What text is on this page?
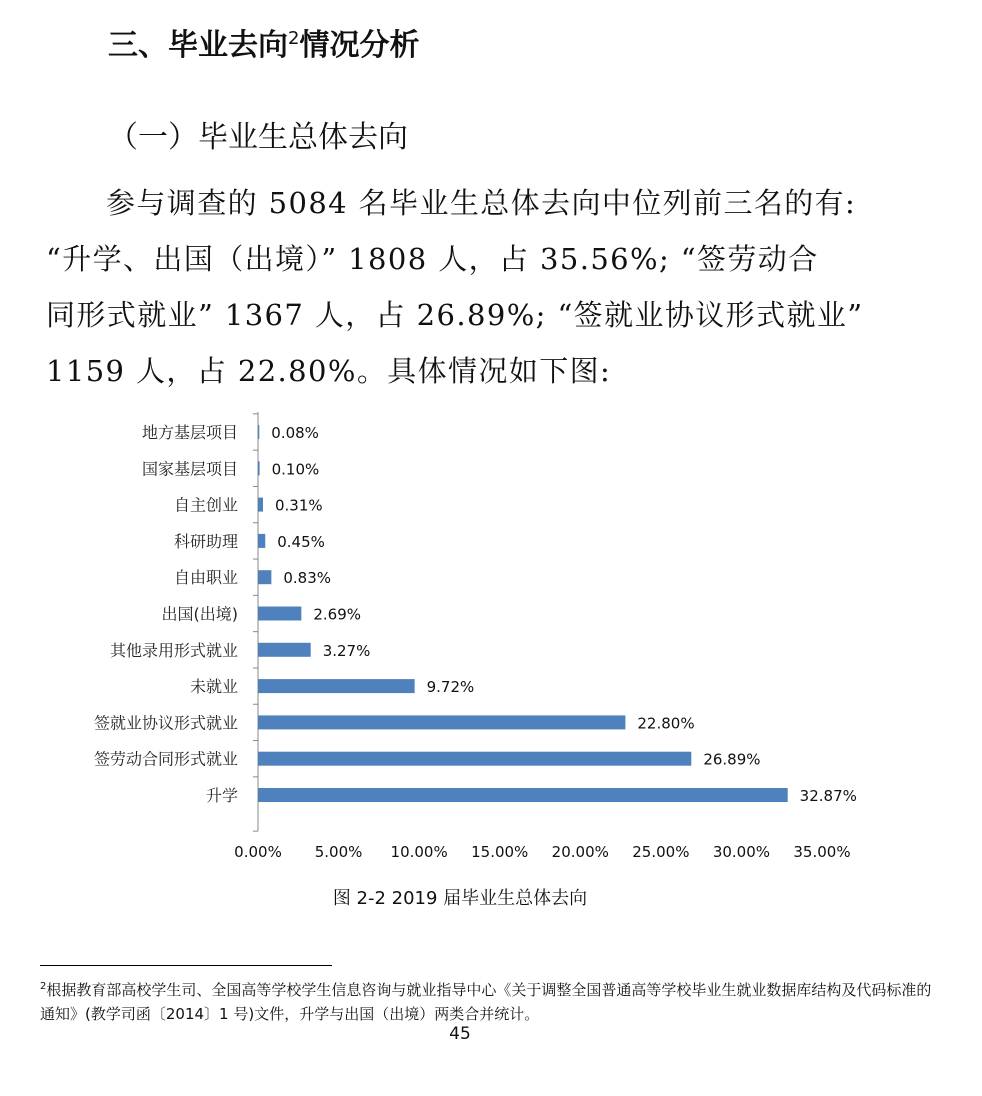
三、毕业去向$^2$情况分析
（一）毕业生总体去向
参与调查的 5084 名毕业生总体去向中位列前三名的有:
“升学、出国（出境）” 1808 人，占 35.56%; “签劳动合
同形式就业” 1367 人，占 26.89%; “签就业协议形式就业”
1159 人，占 22.80%。具体情况如下图:
地方基层项目 0.08%
国家基层项目 0.10%
自主创业 0.31%
科研助理	0.45%
自由职业	0.83%
出国(出境)	2.69%
其他录用形式就业	3.27%
未就业	9.72%
签就业协议形式就业	22.80%
签劳动合同形式就业	26.89%
升学	32.87%
0.00% 5.00% 10.00% 15.00% 20.00% 25.00% 30.00% 35.00%
图 2-2 2019 届毕业生总体去向
$^2$根据教育部高校学生司、全国高等学校学生信息咨询与就业指导中心《关于调整全国普通高等学校毕业生就业数据库结构及代码标准的通知》(教学司函〔2014〕1 号)文件，升学与出国（出境）两类合并统计。
45
